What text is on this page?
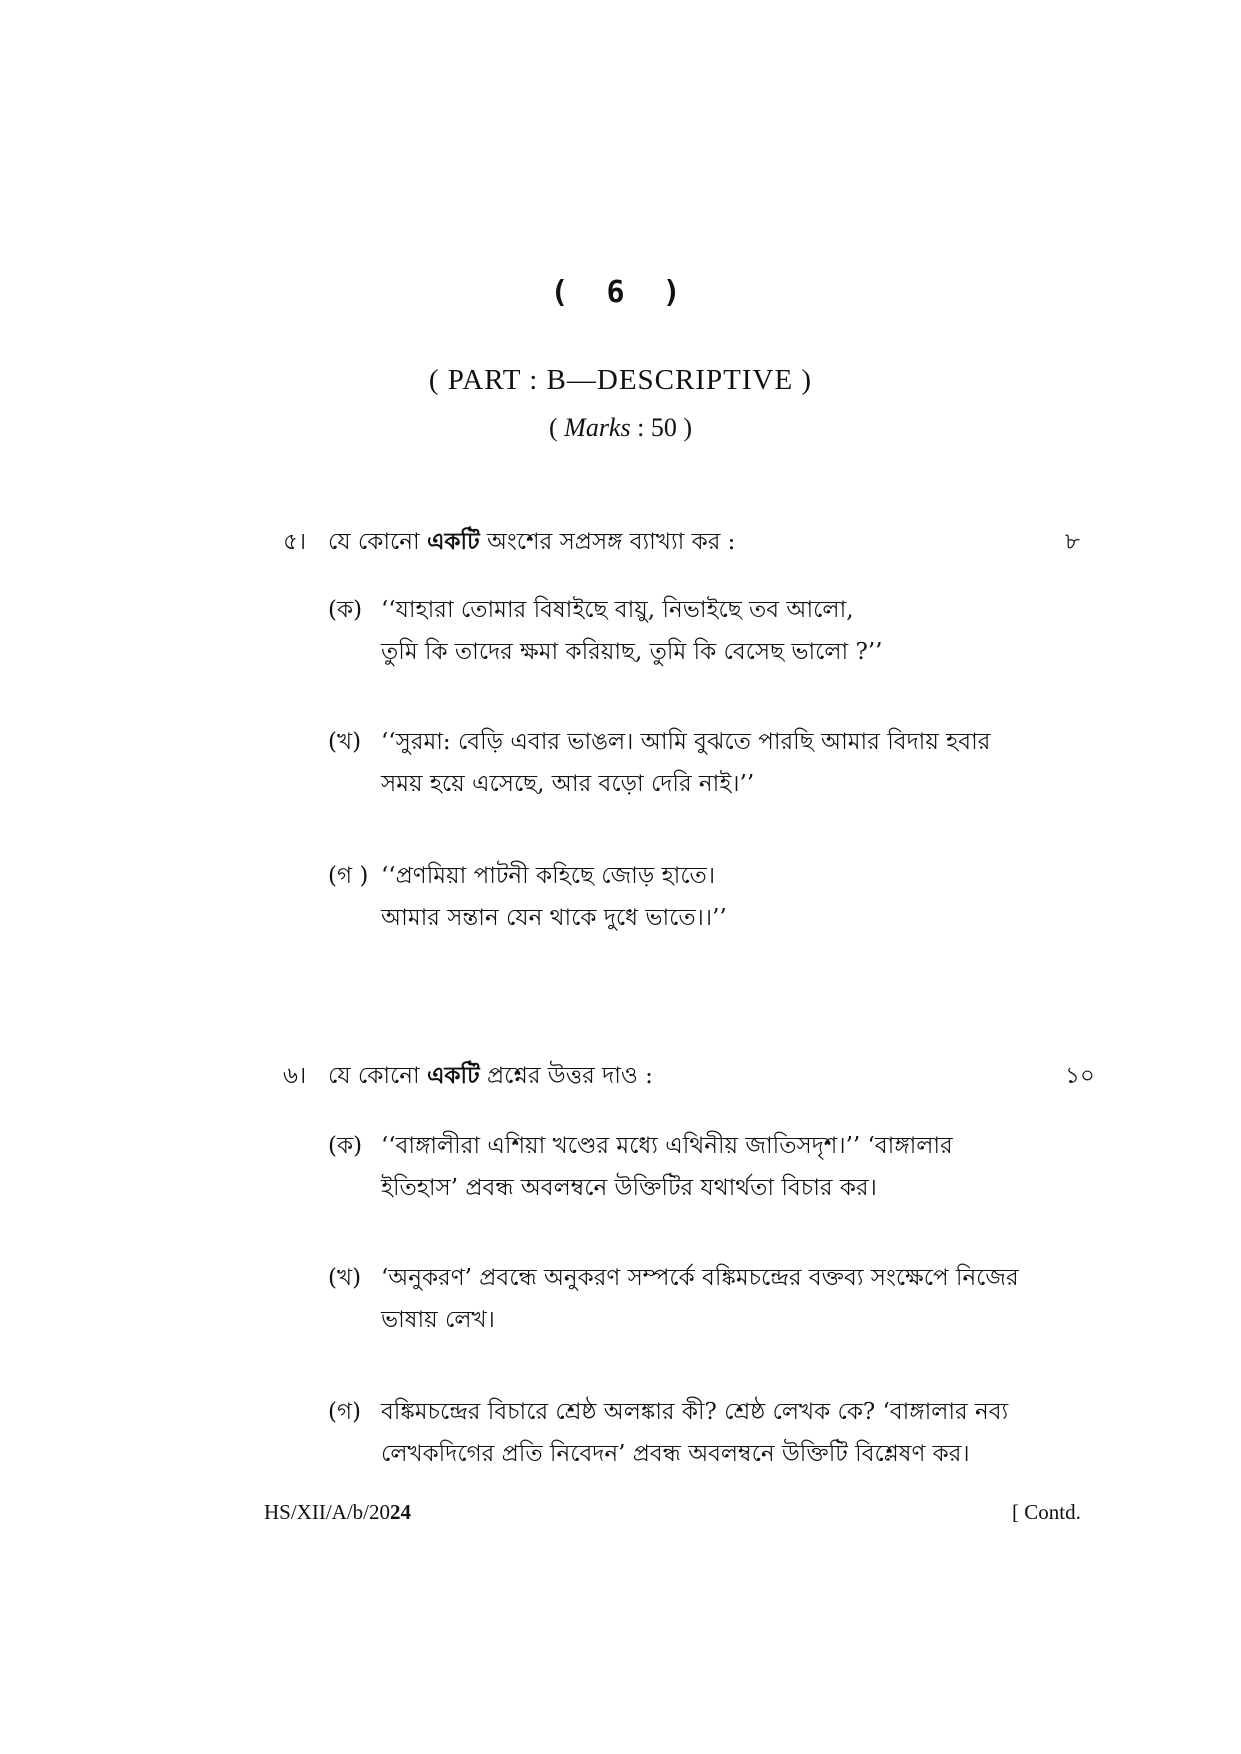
( 6 )
( PART : B—DESCRIPTIVE )
( Marks : 50 )
৫। যে কোনো একটি অংশের সপ্রসঙ্গ ব্যাখ্যা কর :	৮
(ক) ‘‘যাহারা তোমার বিষাইছে বায়ু, নিভাইছে তব আলো,
তুমি কি তাদের ক্ষমা করিয়াছ, তুমি কি বেসেছ ভালো ?’’
(খ) ‘‘সুরমা: বেড়ি এবার ভাঙল। আমি বুঝতে পারছি আমার বিদায় হবার
সময় হয়ে এসেছে, আর বড়ো দেরি নাই।’’
(গ ) ‘‘প্রণমিয়া পাটনী কহিছে জোড় হাতে।
আমার সন্তান যেন থাকে দুধে ভাতে।।’’
৬। যে কোনো একটি প্রশ্নের উত্তর দাও :	১০
(ক) ‘‘বাঙ্গালীরা এশিয়া খণ্ডের মধ্যে এথিনীয় জাতিসদৃশ।’’ ‘বাঙ্গালার
ইতিহাস’ প্রবন্ধ অবলম্বনে উক্তিটির যথার্থতা বিচার কর।
(খ) ‘অনুকরণ’ প্রবন্ধে অনুকরণ সম্পর্কে বঙ্কিমচন্দ্রের বক্তব্য সংক্ষেপে নিজের
ভাষায় লেখ।
(গ) বঙ্কিমচন্দ্রের বিচারে শ্রেষ্ঠ অলঙ্কার কী? শ্রেষ্ঠ লেখক কে? ‘বাঙ্গালার নব্য
লেখকদিগের প্রতি নিবেদন’ প্রবন্ধ অবলম্বনে উক্তিটি বিশ্লেষণ কর।
HS/XII/A/b/2024	[ Contd.
